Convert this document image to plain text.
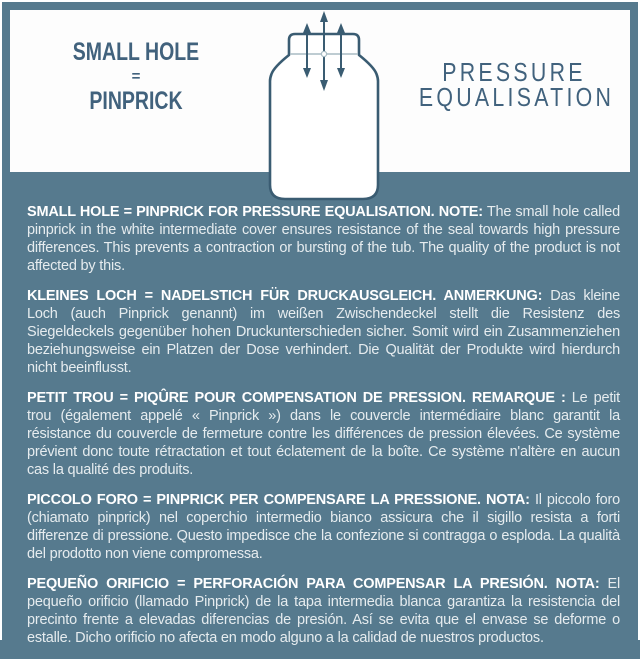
SMALL HOLE
=
PINPRICK
PRESSURE
EQUALISATION

SMALL HOLE = PINPRICK FOR PRESSURE EQUALISATION. NOTE: The small hole called pinprick in the white intermediate cover ensures resistance of the seal towards high pressure differences. This prevents a contraction or bursting of the tub. The quality of the product is not affected by this.

KLEINES LOCH = NADELSTICH FÜR DRUCKAUSGLEICH. ANMERKUNG: Das kleine Loch (auch Pinprick genannt) im weißen Zwischendeckel stellt die Resistenz des Siegeldeckels gegenüber hohen Druckunterschieden sicher. Somit wird ein Zusammenziehen beziehungsweise ein Platzen der Dose verhindert. Die Qualität der Produkte wird hierdurch nicht beeinflusst.

PETIT TROU = PIQÛRE POUR COMPENSATION DE PRESSION. REMARQUE : Le petit trou (également appelé « Pinprick ») dans le couvercle intermédiaire blanc garantit la résistance du couvercle de fermeture contre les différences de pression élevées. Ce système prévient donc toute rétractation et tout éclatement de la boîte. Ce système n'altère en aucun cas la qualité des produits.

PICCOLO FORO = PINPRICK PER COMPENSARE LA PRESSIONE. NOTA: Il piccolo foro (chiamato pinprick) nel coperchio intermedio bianco assicura che il sigillo resista a forti differenze di pressione. Questo impedisce che la confezione si contragga o esploda. La qualità del prodotto non viene compromessa.

PEQUEÑO ORIFICIO = PERFORACIÓN PARA COMPENSAR LA PRESIÓN. NOTA: El pequeño orificio (llamado Pinprick) de la tapa intermedia blanca garantiza la resistencia del precinto frente a elevadas diferencias de presión. Así se evita que el envase se deforme o estalle. Dicho orificio no afecta en modo alguno a la calidad de nuestros productos.
